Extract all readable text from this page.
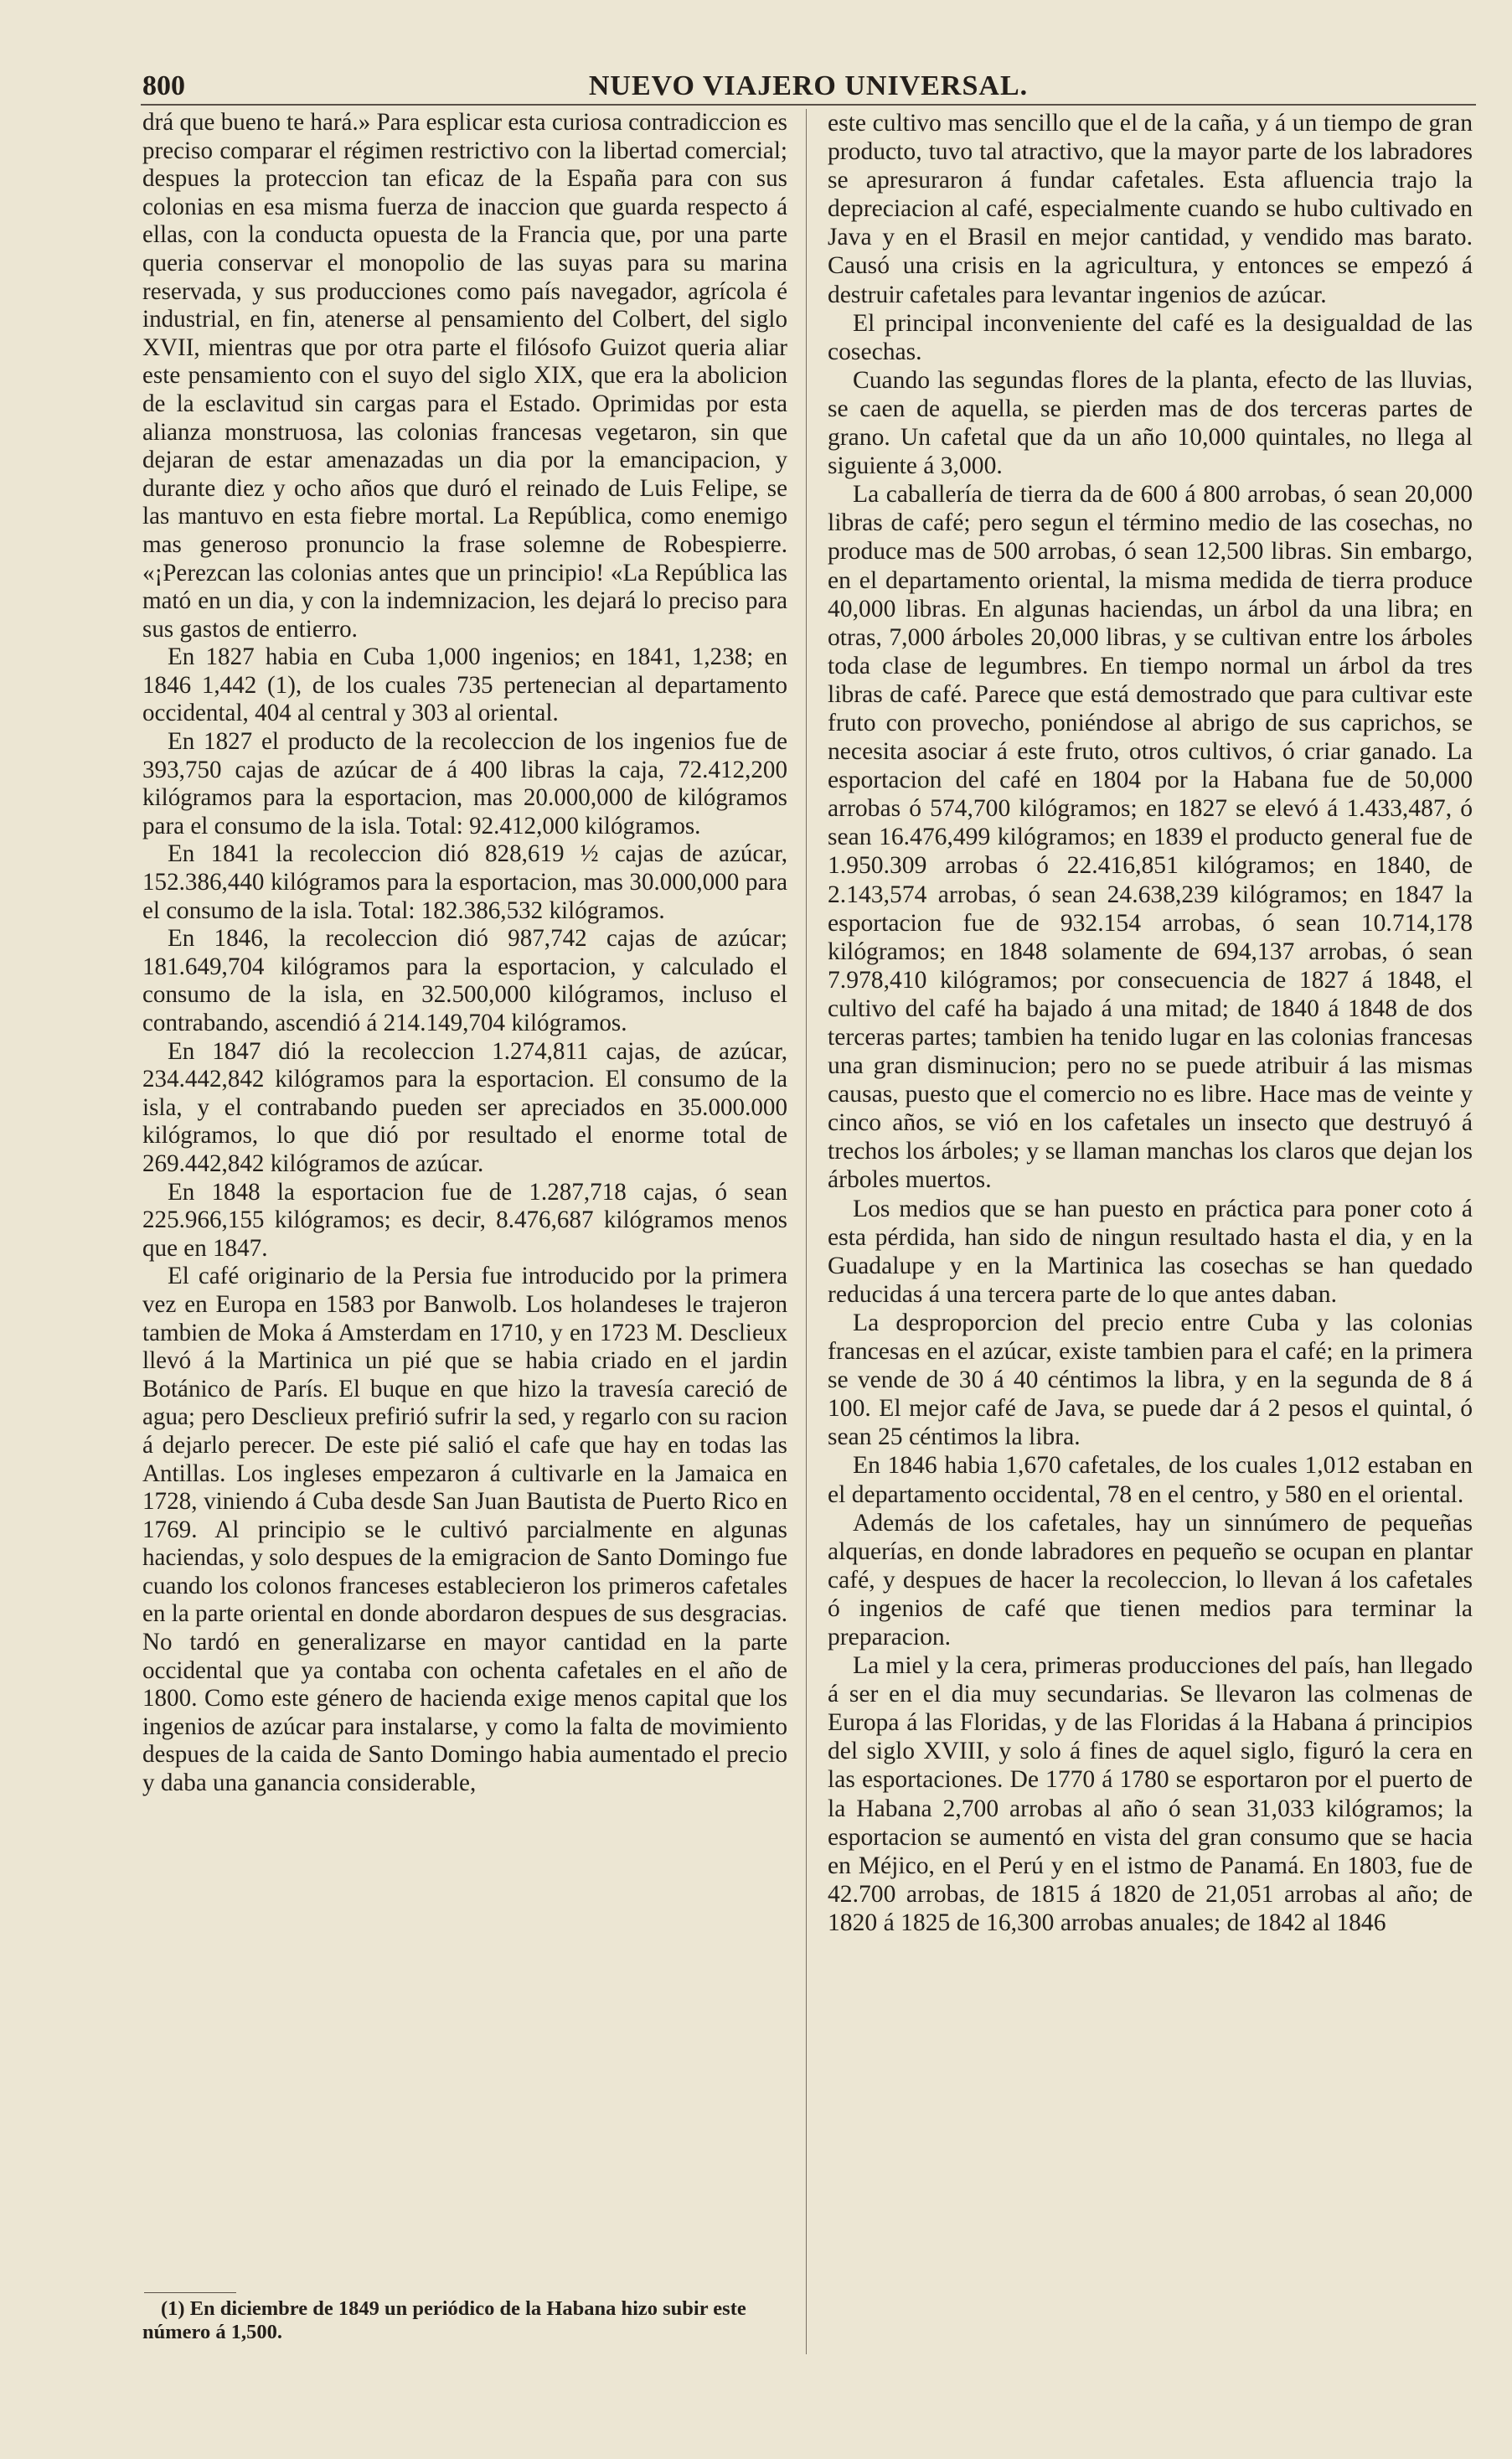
800	NUEVO VIAJERO UNIVERSAL.

drá que bueno te hará.» Para esplicar esta curiosa contradiccion es preciso comparar el régimen restrictivo con la libertad comercial; despues la proteccion tan eficaz de la España para con sus colonias en esa misma fuerza de inaccion que guarda respecto á ellas, con la conducta opuesta de la Francia que, por una parte queria conservar el monopolio de las suyas para su marina reservada, y sus producciones como país navegador, agrícola é industrial, en fin, atenerse al pensamiento del Colbert, del siglo XVII, mientras que por otra parte el filósofo Guizot queria aliar este pensamiento con el suyo del siglo XIX, que era la abolicion de la esclavitud sin cargas para el Estado. Oprimidas por esta alianza monstruosa, las colonias francesas vegetaron, sin que dejaran de estar amenazadas un dia por la emancipacion, y durante diez y ocho años que duró el reinado de Luis Felipe, se las mantuvo en esta fiebre mortal. La República, como enemigo mas generoso pronuncio la frase solemne de Robespierre. «¡Perezcan las colonias antes que un principio! «La República las mató en un dia, y con la indemnizacion, les dejará lo preciso para sus gastos de entierro.

En 1827 habia en Cuba 1,000 ingenios; en 1841, 1,238; en 1846 1,442 (1), de los cuales 735 pertenecian al departamento occidental, 404 al central y 303 al oriental.

En 1827 el producto de la recoleccion de los ingenios fue de 393,750 cajas de azúcar de á 400 libras la caja, 72.412,200 kilógramos para la esportacion, mas 20.000,000 de kilógramos para el consumo de la isla. Total: 92.412,000 kilógramos.

En 1841 la recoleccion dió 828,619 ½ cajas de azúcar, 152.386,440 kilógramos para la esportacion, mas 30.000,000 para el consumo de la isla. Total: 182.386,532 kilógramos.

En 1846, la recoleccion dió 987,742 cajas de azúcar; 181.649,704 kilógramos para la esportacion, y calculado el consumo de la isla, en 32.500,000 kilógramos, incluso el contrabando, ascendió á 214.149,704 kilógramos.

En 1847 dió la recoleccion 1.274,811 cajas, de azúcar, 234.442,842 kilógramos para la esportacion. El consumo de la isla, y el contrabando pueden ser apreciados en 35.000.000 kilógramos, lo que dió por resultado el enorme total de 269.442,842 kilógramos de azúcar.

En 1848 la esportacion fue de 1.287,718 cajas, ó sean 225.966,155 kilógramos; es decir, 8.476,687 kilógramos menos que en 1847.

El café originario de la Persia fue introducido por la primera vez en Europa en 1583 por Banwolb. Los holandeses le trajeron tambien de Moka á Amsterdam en 1710, y en 1723 M. Desclieux llevó á la Martinica un pié que se habia criado en el jardin Botánico de París. El buque en que hizo la travesía careció de agua; pero Desclieux prefirió sufrir la sed, y regarlo con su racion á dejarlo perecer. De este pié salió el cafe que hay en todas las Antillas. Los ingleses empezaron á cultivarle en la Jamaica en 1728, viniendo á Cuba desde San Juan Bautista de Puerto Rico en 1769. Al principio se le cultivó parcialmente en algunas haciendas, y solo despues de la emigracion de Santo Domingo fue cuando los colonos franceses establecieron los primeros cafetales en la parte oriental en donde abordaron despues de sus desgracias. No tardó en generalizarse en mayor cantidad en la parte occidental que ya contaba con ochenta cafetales en el año de 1800. Como este género de hacienda exige menos capital que los ingenios de azúcar para instalarse, y como la falta de movimiento despues de la caida de Santo Domingo habia aumentado el precio y daba una ganancia considerable,

este cultivo mas sencillo que el de la caña, y á un tiempo de gran producto, tuvo tal atractivo, que la mayor parte de los labradores se apresuraron á fundar cafetales. Esta afluencia trajo la depreciacion al café, especialmente cuando se hubo cultivado en Java y en el Brasil en mejor cantidad, y vendido mas barato. Causó una crisis en la agricultura, y entonces se empezó á destruir cafetales para levantar ingenios de azúcar.

El principal inconveniente del café es la desigualdad de las cosechas.

Cuando las segundas flores de la planta, efecto de las lluvias, se caen de aquella, se pierden mas de dos terceras partes de grano. Un cafetal que da un año 10,000 quintales, no llega al siguiente á 3,000.

La caballería de tierra da de 600 á 800 arrobas, ó sean 20,000 libras de café; pero segun el término medio de las cosechas, no produce mas de 500 arrobas, ó sean 12,500 libras. Sin embargo, en el departamento oriental, la misma medida de tierra produce 40,000 libras. En algunas haciendas, un árbol da una libra; en otras, 7,000 árboles 20,000 libras, y se cultivan entre los árboles toda clase de legumbres. En tiempo normal un árbol da tres libras de café. Parece que está demostrado que para cultivar este fruto con provecho, poniéndose al abrigo de sus caprichos, se necesita asociar á este fruto, otros cultivos, ó criar ganado. La esportacion del café en 1804 por la Habana fue de 50,000 arrobas ó 574,700 kilógramos; en 1827 se elevó á 1.433,487, ó sean 16.476,499 kilógramos; en 1839 el producto general fue de 1.950.309 arrobas ó 22.416,851 kilógramos; en 1840, de 2.143,574 arrobas, ó sean 24.638,239 kilógramos; en 1847 la esportacion fue de 932.154 arrobas, ó sean 10.714,178 kilógramos; en 1848 solamente de 694,137 arrobas, ó sean 7.978,410 kilógramos; por consecuencia de 1827 á 1848, el cultivo del café ha bajado á una mitad; de 1840 á 1848 de dos terceras partes; tambien ha tenido lugar en las colonias francesas una gran disminucion; pero no se puede atribuir á las mismas causas, puesto que el comercio no es libre. Hace mas de veinte y cinco años, se vió en los cafetales un insecto que destruyó á trechos los árboles; y se llaman manchas los claros que dejan los árboles muertos.

Los medios que se han puesto en práctica para poner coto á esta pérdida, han sido de ningun resultado hasta el dia, y en la Guadalupe y en la Martinica las cosechas se han quedado reducidas á una tercera parte de lo que antes daban.

La desproporcion del precio entre Cuba y las colonias francesas en el azúcar, existe tambien para el café; en la primera se vende de 30 á 40 céntimos la libra, y en la segunda de 8 á 100. El mejor café de Java, se puede dar á 2 pesos el quintal, ó sean 25 céntimos la libra.

En 1846 habia 1,670 cafetales, de los cuales 1,012 estaban en el departamento occidental, 78 en el centro, y 580 en el oriental.

Además de los cafetales, hay un sinnúmero de pequeñas alquerías, en donde labradores en pequeño se ocupan en plantar café, y despues de hacer la recoleccion, lo llevan á los cafetales ó ingenios de café que tienen medios para terminar la preparacion.

La miel y la cera, primeras producciones del país, han llegado á ser en el dia muy secundarias. Se llevaron las colmenas de Europa á las Floridas, y de las Floridas á la Habana á principios del siglo XVIII, y solo á fines de aquel siglo, figuró la cera en las esportaciones. De 1770 á 1780 se esportaron por el puerto de la Habana 2,700 arrobas al año ó sean 31,033 kilógramos; la esportacion se aumentó en vista del gran consumo que se hacia en Méjico, en el Perú y en el istmo de Panamá. En 1803, fue de 42.700 arrobas, de 1815 á 1820 de 21,051 arrobas al año; de 1820 á 1825 de 16,300 arrobas anuales; de 1842 al 1846

(1) En diciembre de 1849 un periódico de la Habana hizo subir este número á 1,500.
